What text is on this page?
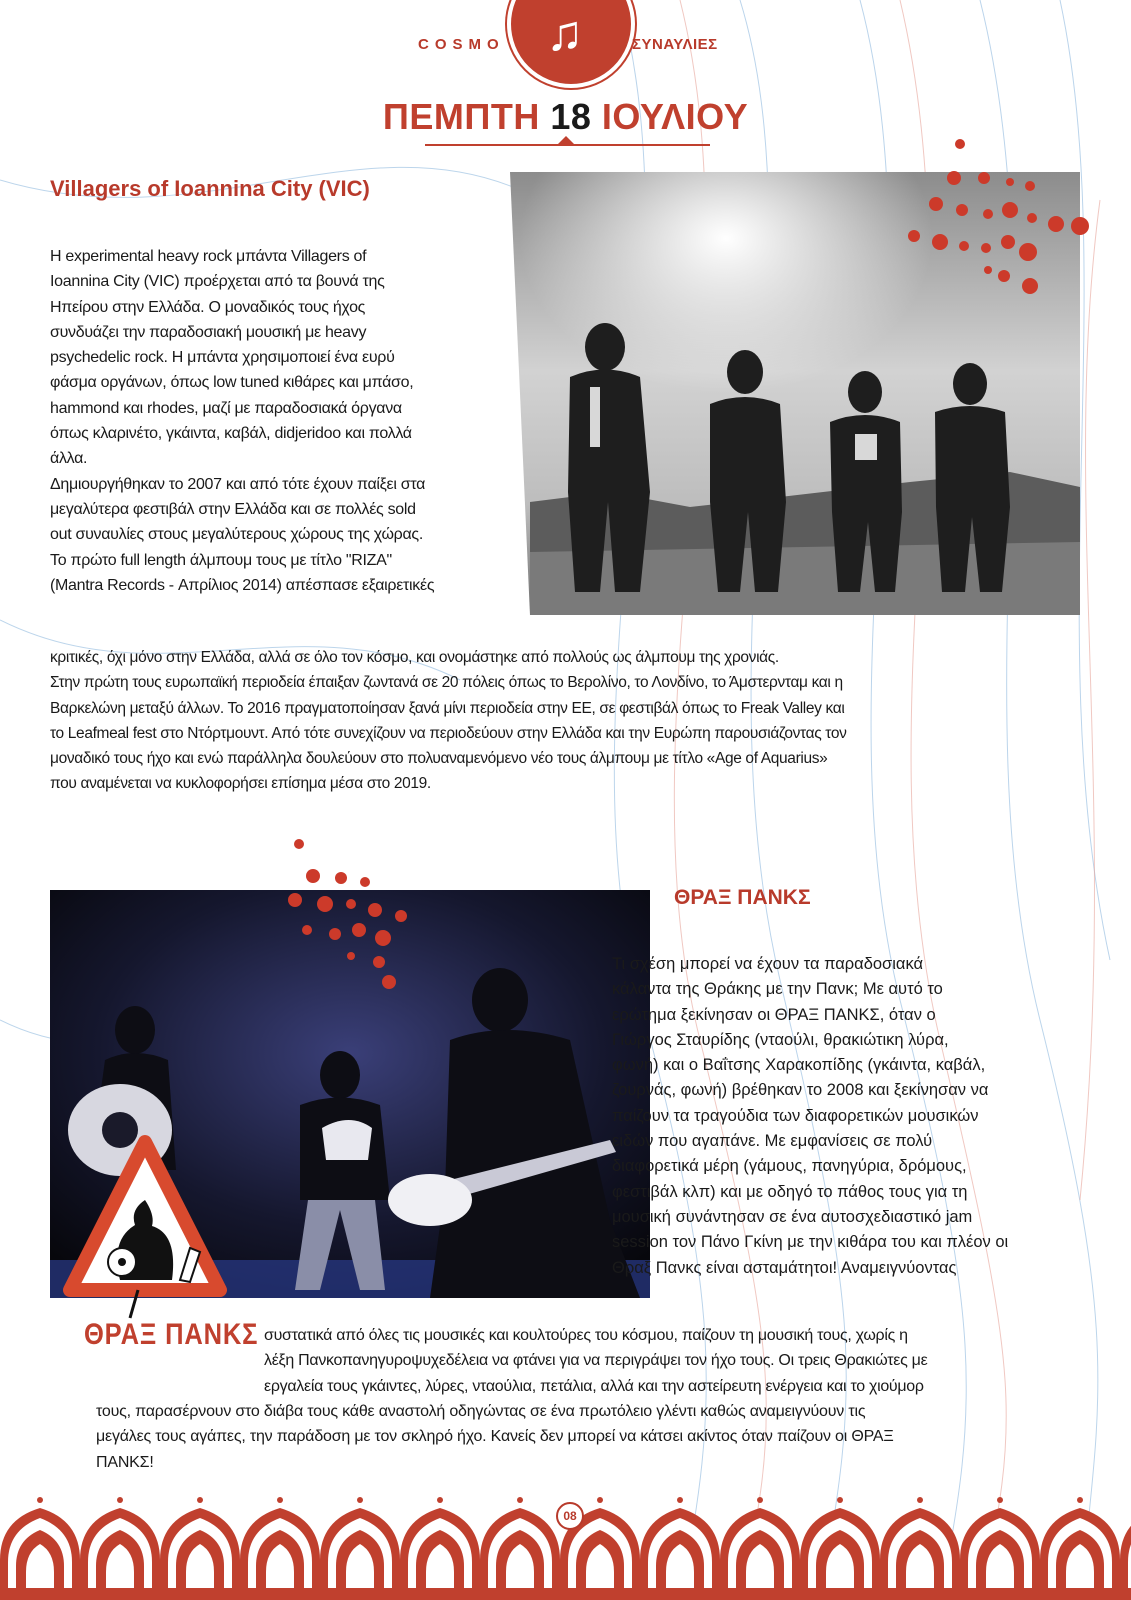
COSMO ♫	ΣΥΝΑΥΛΙΕΣ
ΠΕΜΠΤΗ 18 ΙΟΥΛΙΟΥ
Villagers of Ioannina City (VIC)

Η experimental heavy rock μπάντα Villagers of

Ioannina City (VIC) προέρχεται από τα βουνά της

Ηπείρου στην Ελλάδα. Ο μοναδικός τους ήχος

συνδυάζει την παραδοσιακή μουσική με heavy

psychedelic rock. Η μπάντα χρησιμοποιεί ένα ευρύ

φάσμα οργάνων, όπως low tuned κιθάρες και μπάσο,

hammond και rhodes, μαζί με παραδοσιακά όργανα

όπως κλαρινέτο, γκάιντα, καβάλ, didjeridoo και πολλά

άλλα.

Δημιουργήθηκαν το 2007 και από τότε έχουν παίξει στα

μεγαλύτερα φεστιβάλ στην Ελλάδα και σε πολλές sold

out συναυλίες στους μεγαλύτερους χώρους της χώρας.

Το πρώτο full length άλμπουμ τους με τίτλο "RIZA"

(Mantra Records - Απρίλιος 2014) απέσπασε εξαιρετικές

κριτικές, όχι μόνο στην Ελλάδα, αλλά σε όλο τον κόσμο, και ονομάστηκε από πολλούς ως άλμπουμ της χρονιάς.

Στην πρώτη τους ευρωπαϊκή περιοδεία έπαιξαν ζωντανά σε 20 πόλεις όπως το Βερολίνο, το Λονδίνο, το Άμστερνταμ και η

Βαρκελώνη μεταξύ άλλων. Το 2016 πραγματοποίησαν ξανά μίνι περιοδεία στην ΕΕ, σε φεστιβάλ όπως το Freak Valley και

το Leafmeal fest στο Ντόρτμουντ. Από τότε συνεχίζουν να περιοδεύουν στην Ελλάδα και την Ευρώπη παρουσιάζοντας τον

μοναδικό τους ήχο και ενώ παράλληλα δουλεύουν στο πολυαναμενόμενο νέο τους άλμπουμ με τίτλο «Age of Aquarius»

που αναμένεται να κυκλοφορήσει επίσημα μέσα στο 2019.

ΘΡΑΞ ΠΑΝΚΣ
ΘΡΑΞ ΠΑΝΚΣ

Τι σχέση μπορεί να έχουν τα παραδοσιακά

κάλαντα της Θράκης με την Πανκ; Με αυτό το

ερώτημα ξεκίνησαν οι ΘΡΑΞ ΠΑΝΚΣ, όταν ο

Γιώργος Σταυρίδης (νταούλι, θρακιώτικη λύρα,

φωνή) και ο Βαΐτσης Χαρακοπίδης (γκάιντα, καβάλ,

ζουρνάς, φωνή) βρέθηκαν το 2008 και ξεκίνησαν να

παίζουν τα τραγούδια των διαφορετικών μουσικών

ειδών που αγαπάνε. Με εμφανίσεις σε πολύ

διαφορετικά μέρη (γάμους, πανηγύρια, δρόμους,

φεστιβάλ κλπ) και με οδηγό το πάθος τους για τη

μουσική συνάντησαν σε ένα αυτοσχεδιαστικό jam

session τον Πάνο Γκίνη με την κιθάρα του και πλέον οι

Θραξ Πανκς είναι ασταμάτητοι! Αναμειγνύοντας

συστατικά από όλες τις μουσικές και κουλτούρες του κόσμου, παίζουν τη μουσική τους, χωρίς η

λέξη Πανκοπανηγυροψυχεδέλεια να φτάνει για να περιγράψει τον ήχο τους. Οι τρεις Θρακιώτες με

εργαλεία τους γκάιντες, λύρες, νταούλια, πετάλια, αλλά και την αστείρευτη ενέργεια και το χιούμορ

τους, παρασέρνουν στο διάβα τους κάθε αναστολή οδηγώντας σε ένα πρωτόλειο γλέντι καθώς αναμειγνύουν τις

μεγάλες τους αγάπες, την παράδοση με τον σκληρό ήχο. Κανείς δεν μπορεί να κάτσει ακίντος όταν παίζουν οι ΘΡΑΞ

ΠΑΝΚΣ!

08
